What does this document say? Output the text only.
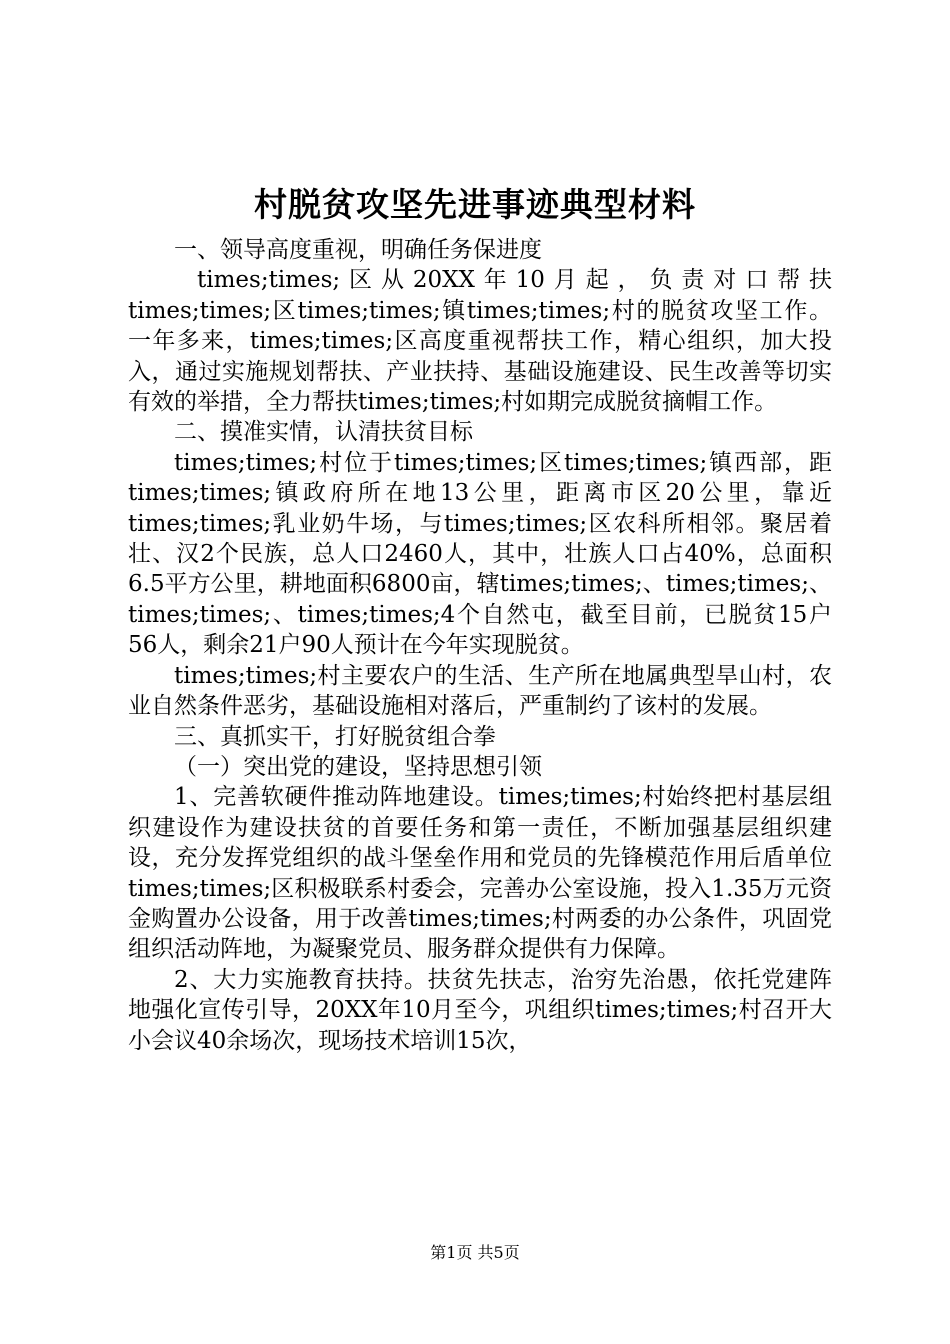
村脱贫攻坚先进事迹典型材料

一、领导高度重视，明确任务保进度

times;times;区从20XX年10月起，负责对口帮扶times;times;区times;times;镇times;times;村的脱贫攻坚工作。一年多来，times;times;区高度重视帮扶工作，精心组织，加大投入，通过实施规划帮扶、产业扶持、基础设施建设、民生改善等切实有效的举措，全力帮扶times;times;村如期完成脱贫摘帽工作。

二、摸准实情，认清扶贫目标

times;times;村位于times;times;区times;times;镇西部，距times;times;镇政府所在地13公里，距离市区20公里，靠近times;times;乳业奶牛场，与times;times;区农科所相邻。聚居着壮、汉2个民族，总人口2460人，其中，壮族人口占40%，总面积6.5平方公里，耕地面积6800亩，辖times;times;、times;times;、times;times;、times;times;4个自然屯，截至目前，已脱贫15户56人，剩余21户90人预计在今年实现脱贫。

times;times;村主要农户的生活、生产所在地属典型旱山村，农业自然条件恶劣，基础设施相对落后，严重制约了该村的发展。

三、真抓实干，打好脱贫组合拳

（一）突出党的建设，坚持思想引领

1、完善软硬件推动阵地建设。times;times;村始终把村基层组织建设作为建设扶贫的首要任务和第一责任，不断加强基层组织建设，充分发挥党组织的战斗堡垒作用和党员的先锋模范作用后盾单位times;times;区积极联系村委会，完善办公室设施，投入1.35万元资金购置办公设备，用于改善times;times;村两委的办公条件，巩固党组织活动阵地，为凝聚党员、服务群众提供有力保障。

2、大力实施教育扶持。扶贫先扶志，治穷先治愚，依托党建阵地强化宣传引导，20XX年10月至今，巩组织times;times;村召开大小会议40余场次，现场技术培训15次，

第1页 共5页
